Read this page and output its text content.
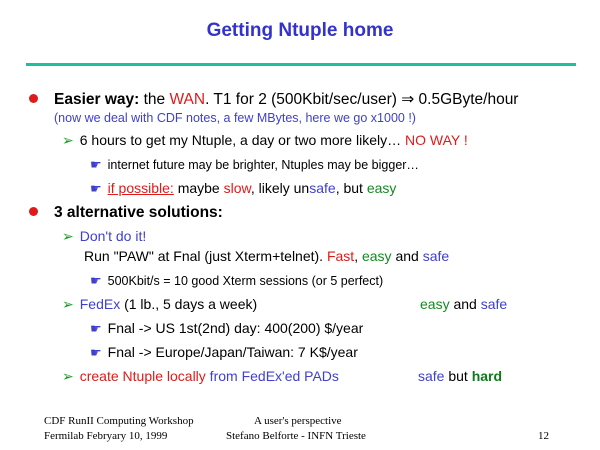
Getting Ntuple home
Easier way: the WAN. T1 for 2 (500Kbit/sec/user) ⇒ 0.5GByte/hour
(now we deal with CDF notes, a few MBytes, here we go x1000 !)
➢ 6 hours to get my Ntuple, a day or two more likely… NO WAY !
☛ internet future may be brighter, Ntuples may be bigger…
☛ if possible: maybe slow, likely unsafe, but easy
3 alternative solutions:
➢ Don't do it!
Run "PAW" at Fnal (just Xterm+telnet). Fast, easy and safe
☛ 500Kbit/s = 10 good Xterm sessions (or 5 perfect)
➢ FedEx (1 lb., 5 days a week)	easy and safe
☛ Fnal -> US 1st(2nd) day: 400(200) $/year
☛ Fnal -> Europe/Japan/Taiwan: 7 K$/year
➢ create Ntuple locally from FedEx'ed PADs	safe but hard
CDF RunII Computing Workshop
Fermilab Febryary 10, 1999
A user's perspective
Stefano Belforte - INFN Trieste	12
